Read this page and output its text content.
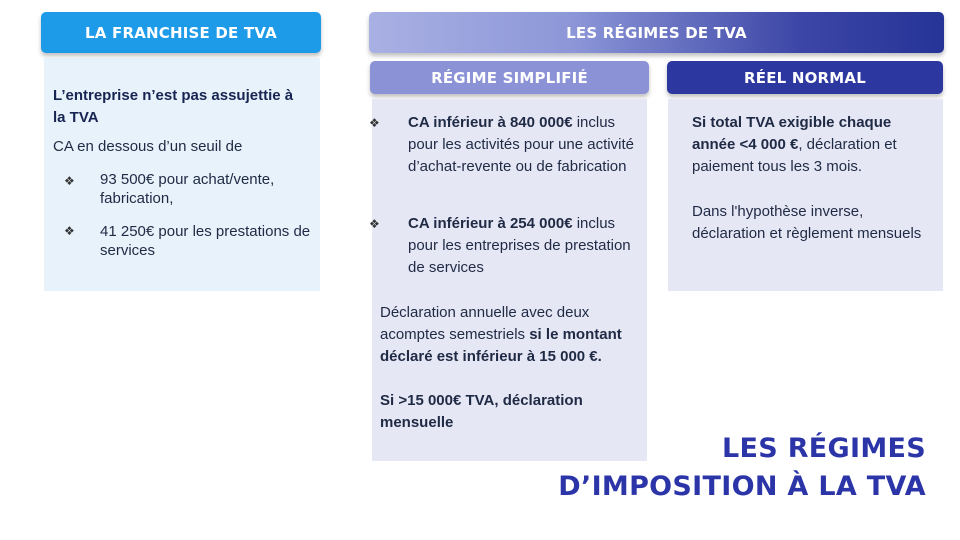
LA FRANCHISE DE TVA	LES RÉGIMES DE TVA
RÉGIME SIMPLIFIÉ	RÉEL NORMAL
L’entreprise n’est pas assujettie à la TVA
CA en dessous d’un seuil de
❖ 93 500€ pour achat/vente, fabrication,
❖ 41 250€ pour les prestations de services
❖ CA inférieur à 840 000€ inclus pour les activités pour une activité d’achat-revente ou de fabrication
❖ CA inférieur à 254 000€ inclus pour les entreprises de prestation de services
Déclaration annuelle avec deux acomptes semestriels si le montant déclaré est inférieur à 15 000 €.
Si >15 000€ TVA, déclaration mensuelle
Si total TVA exigible chaque année <4 000 €, déclaration et paiement tous les 3 mois.
Dans l'hypothèse inverse, déclaration et règlement mensuels
LES RÉGIMES
D’IMPOSITION À LA TVA
